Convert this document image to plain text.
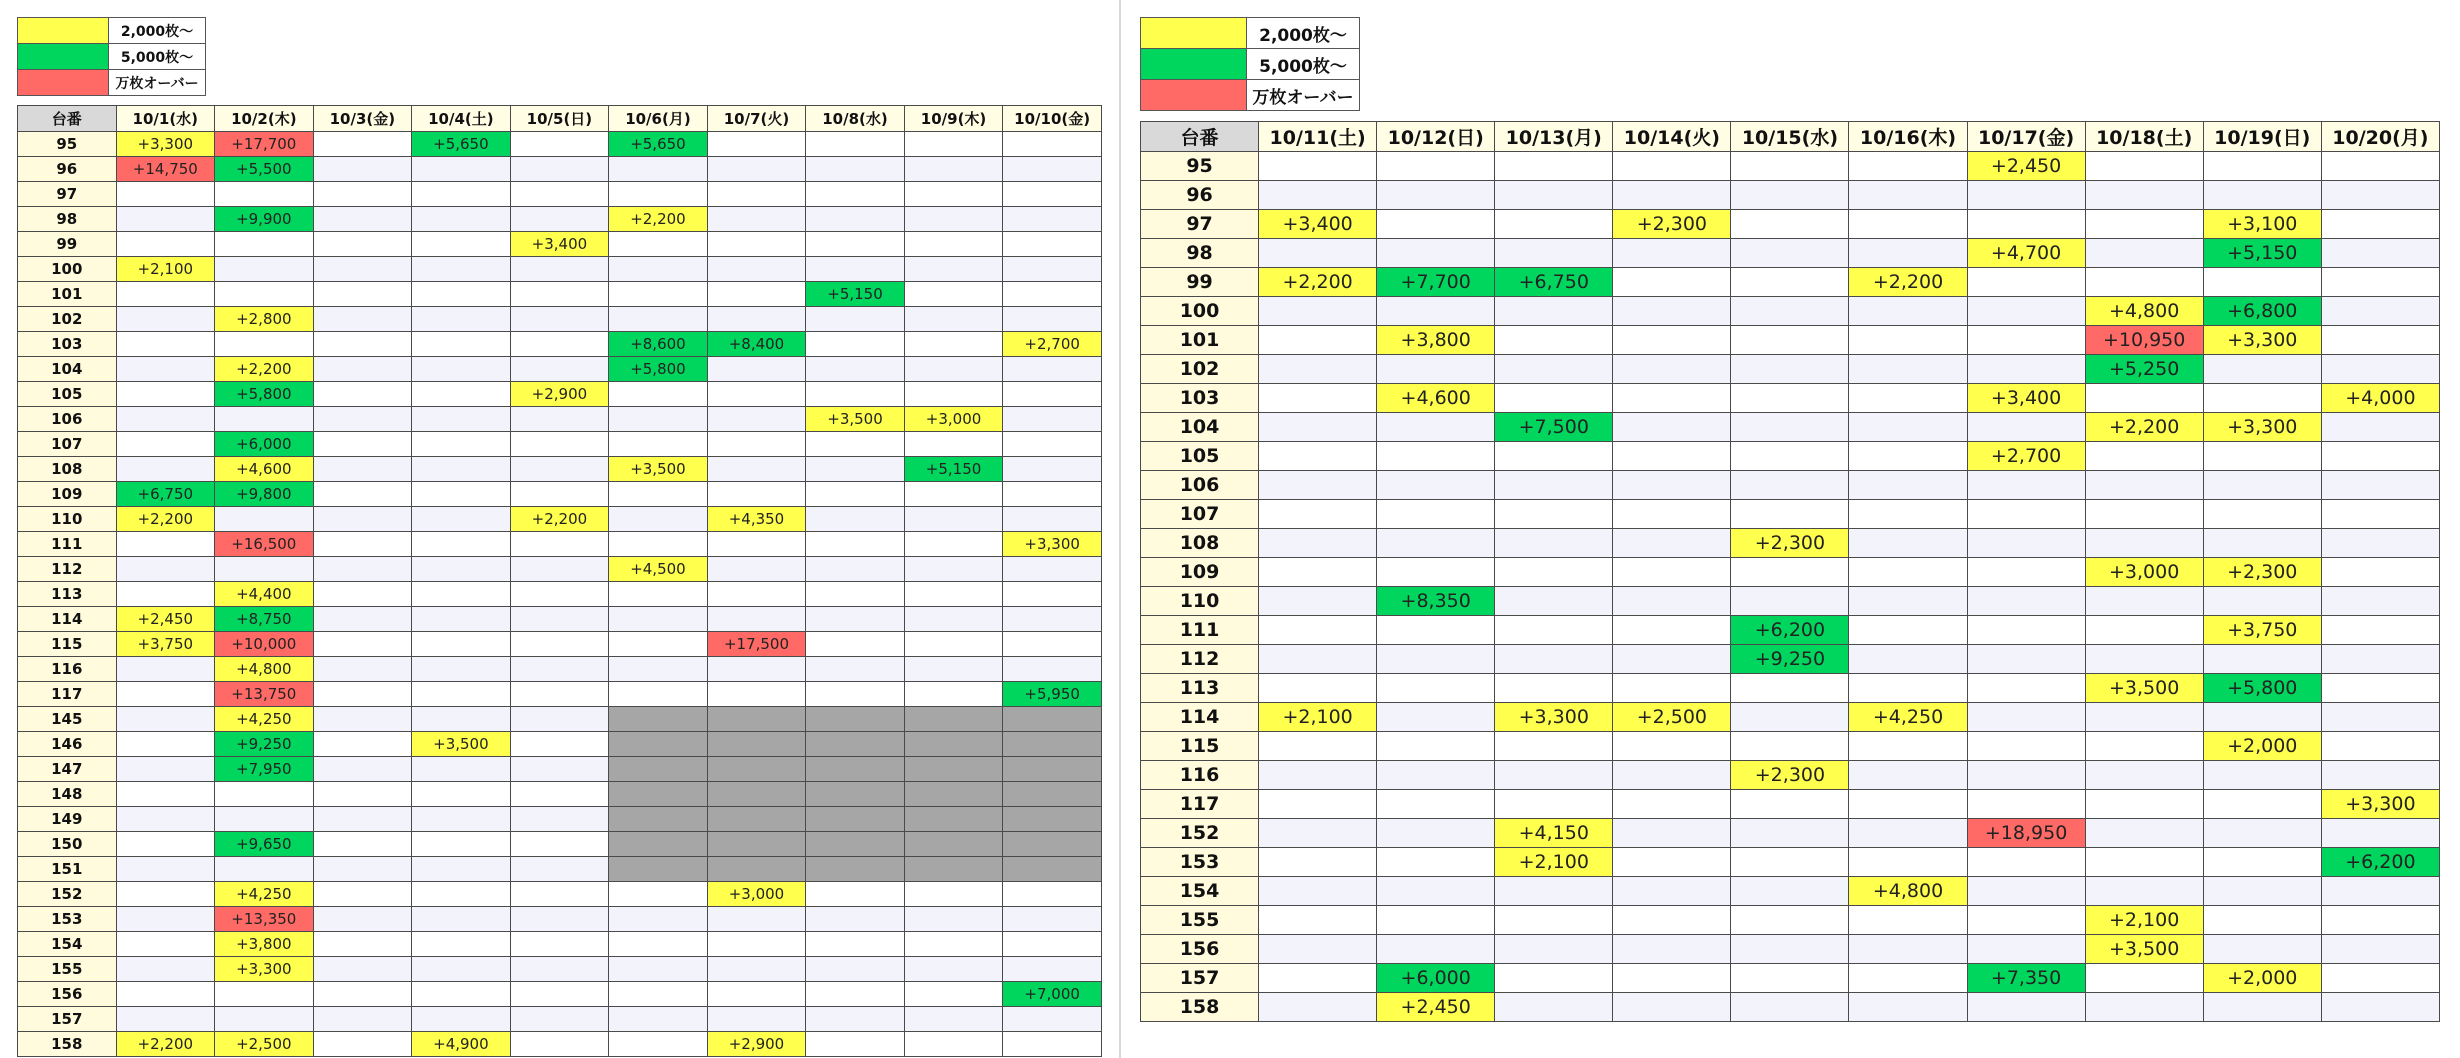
	2,000枚～
	5,000枚～
	万枚オーバー
台番	10/1(水)	10/2(木)	10/3(金)	10/4(土)	10/5(日)	10/6(月)	10/7(火)	10/8(水)	10/9(木)	10/10(金)
95	+3,300	+17,700		+5,650		+5,650				
96	+14,750	+5,500								
97										
98		+9,900				+2,200				
99					+3,400					
100	+2,100									
101								+5,150		
102		+2,800								
103						+8,600	+8,400			+2,700
104		+2,200				+5,800				
105		+5,800			+2,900					
106								+3,500	+3,000	
107		+6,000								
108		+4,600				+3,500			+5,150	
109	+6,750	+9,800								
110	+2,200				+2,200		+4,350			
111		+16,500								+3,300
112						+4,500				
113		+4,400								
114	+2,450	+8,750								
115	+3,750	+10,000					+17,500			
116		+4,800								
117		+13,750								+5,950
145		+4,250								
146		+9,250		+3,500						
147		+7,950								
148										
149										
150		+9,650								
151										
152		+4,250					+3,000			
153		+13,350								
154		+3,800								
155		+3,300								
156										+7,000
157										
158	+2,200	+2,500		+4,900			+2,900			
	2,000枚～
	5,000枚～
	万枚オーバー
台番	10/11(土)	10/12(日)	10/13(月)	10/14(火)	10/15(水)	10/16(木)	10/17(金)	10/18(土)	10/19(日)	10/20(月)
95							+2,450			
96										
97	+3,400			+2,300					+3,100	
98							+4,700		+5,150	
99	+2,200	+7,700	+6,750			+2,200				
100								+4,800	+6,800	
101		+3,800						+10,950	+3,300	
102								+5,250		
103		+4,600					+3,400			+4,000
104			+7,500					+2,200	+3,300	
105							+2,700			
106										
107										
108					+2,300					
109								+3,000	+2,300	
110		+8,350								
111					+6,200				+3,750	
112					+9,250					
113								+3,500	+5,800	
114	+2,100		+3,300	+2,500		+4,250				
115									+2,000	
116					+2,300					
117										+3,300
152			+4,150				+18,950			
153			+2,100							+6,200
154						+4,800				
155								+2,100		
156								+3,500		
157		+6,000					+7,350		+2,000	
158		+2,450								
